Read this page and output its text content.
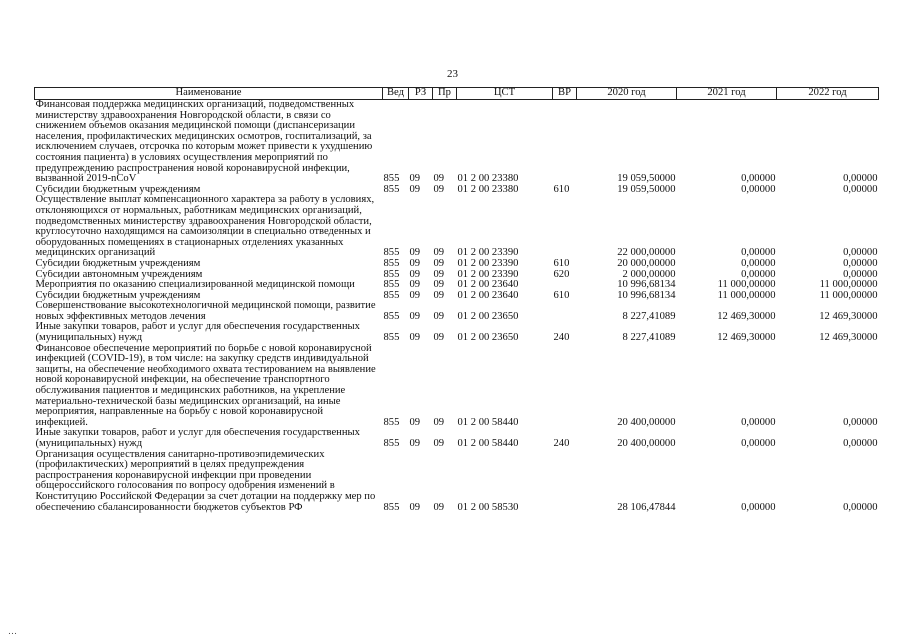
23
Наименование	Вед	РЗ	Пр	ЦСТ	ВР	2020 год	2021 год	2022 год
Финансовая поддержка медицинских организаций, подведомственных министерству здравоохранения Новгородской области, в связи со снижением объемов оказания медицинской помощи (диспансеризации населения, профилактических медицинских осмотров, госпитализаций, за исключением случаев, отсрочка по которым может привести к ухудшению состояния пациента) в условиях осуществления мероприятий по предупреждению распространения новой коронавирусной инфекции, вызванной 2019-nCoV	855	09	09	01 2 00 23380		19 059,50000	0,00000	0,00000
Субсидии бюджетным учреждениям	855	09	09	01 2 00 23380	610	19 059,50000	0,00000	0,00000
Осуществление выплат компенсационного характера за работу в условиях, отклоняющихся от нормальных, работникам медицинских организаций, подведомственных министерству здравоохранения Новгородской области, круглосуточно находящимся на самоизоляции в специально отведенных и оборудованных помещениях в стационарных отделениях указанных медицинских организаций	855	09	09	01 2 00 23390		22 000,00000	0,00000	0,00000
Субсидии бюджетным учреждениям	855	09	09	01 2 00 23390	610	20 000,00000	0,00000	0,00000
Субсидии автономным учреждениям	855	09	09	01 2 00 23390	620	2 000,00000	0,00000	0,00000
Мероприятия по оказанию специализированной медицинской помощи	855	09	09	01 2 00 23640		10 996,68134	11 000,00000	11 000,00000
Субсидии бюджетным учреждениям	855	09	09	01 2 00 23640	610	10 996,68134	11 000,00000	11 000,00000
Совершенствование высокотехнологичной медицинской помощи, развитие новых эффективных методов лечения	855	09	09	01 2 00 23650		8 227,41089	12 469,30000	12 469,30000
Иные закупки товаров, работ и услуг для обеспечения государственных (муниципальных) нужд	855	09	09	01 2 00 23650	240	8 227,41089	12 469,30000	12 469,30000
Финансовое обеспечение мероприятий по борьбе с новой коронавирусной инфекцией (COVID-19), в том числе: на закупку средств индивидуальной защиты, на обеспечение необходимого охвата тестированием на выявление новой коронавирусной инфекции, на обеспечение транспортного обслуживания пациентов и медицинских работников, на укрепление материально-технической базы медицинских организаций, на иные мероприятия, направленные на борьбу с новой коронавирусной инфекцией.	855	09	09	01 2 00 58440		20 400,00000	0,00000	0,00000
Иные закупки товаров, работ и услуг для обеспечения государственных (муниципальных) нужд	855	09	09	01 2 00 58440	240	20 400,00000	0,00000	0,00000
Организация осуществления санитарно-противоэпидемических (профилактических) мероприятий в целях предупреждения распространения коронавирусной инфекции при проведении общероссийского голосования по вопросу одобрения изменений в Конституцию Российской Федерации за счет дотации на поддержку мер по обеспечению сбалансированности бюджетов субъектов РФ	855	09	09	01 2 00 58530		28 106,47844	0,00000	0,00000
…
